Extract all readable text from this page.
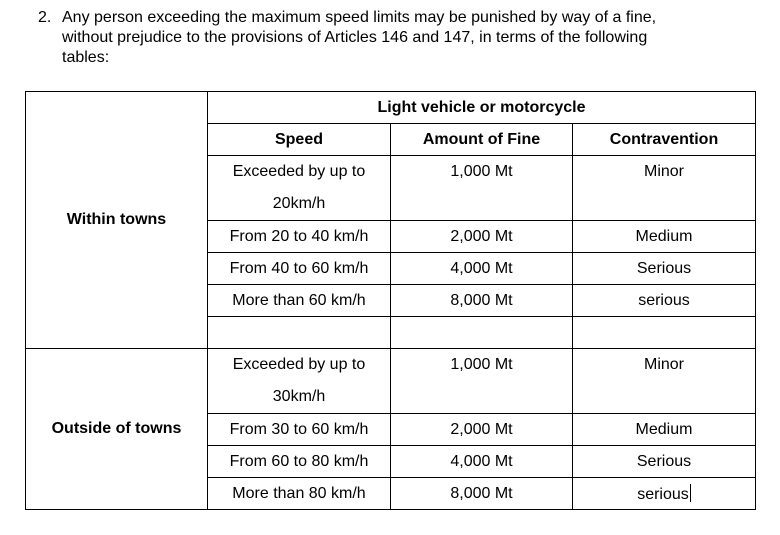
2. Any person exceeding the maximum speed limits may be punished by way of a fine,
without prejudice to the provisions of Articles 146 and 147, in terms of the following
tables:
Within towns	Light vehicle or motorcycle		
	Speed	Amount of Fine	Contravention

	Exceeded by up to
20km/h	1,000 Mt	Minor

	From 20 to 40 km/h	2,000 Mt	Medium
	From 40 to 60 km/h	4,000 Mt	Serious
	More than 60 km/h	8,000 Mt	serious

Outside of towns	Exceeded by up to
30km/h	1,000 Mt	Minor

	From 30 to 60 km/h	2,000 Mt	Medium
	From 60 to 80 km/h	4,000 Mt	Serious
	More than 80 km/h	8,000 Mt	serious
